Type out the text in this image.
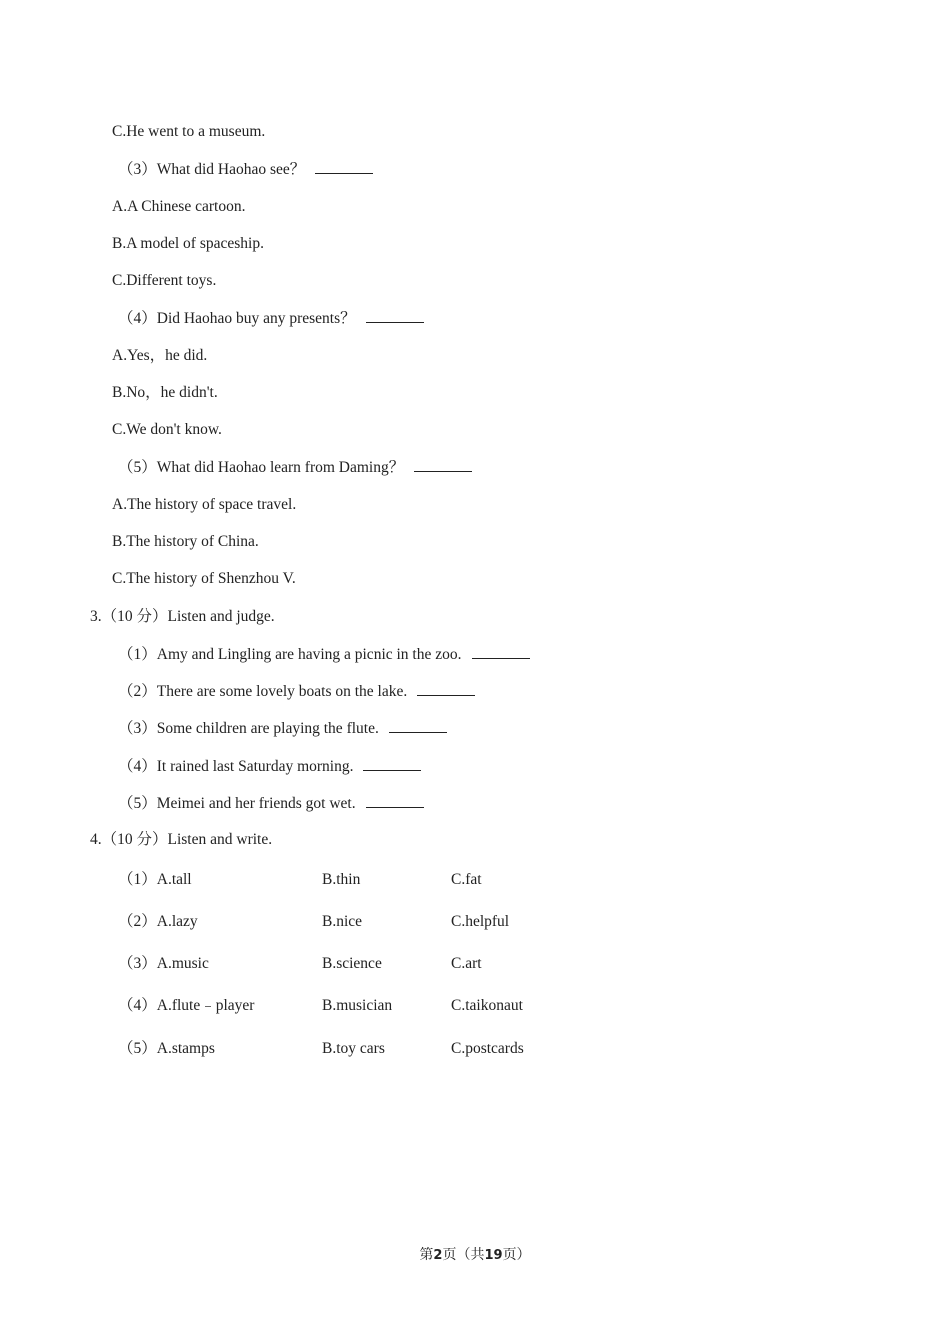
C.He went to a museum.
（3）What did Haohao see？
A.A Chinese cartoon.
B.A model of spaceship.
C.Different toys.
（4）Did Haohao buy any presents？
A.Yes，he did.
B.No，he didn't.
C.We don't know.
（5）What did Haohao learn from Daming？
A.The history of space travel.
B.The history of China.
C.The history of Shenzhou V.
3.（10 分）Listen and judge.
（1）Amy and Lingling are having a picnic in the zoo.
（2）There are some lovely boats on the lake.
（3）Some children are playing the flute.
（4）It rained last Saturday morning.
（5）Meimei and her friends got wet.
4.（10 分）Listen and write.
（1）A.tall	B.thin	C.fat
（2）A.lazy	B.nice	C.helpful
（3）A.music	B.science	C.art
（4）A.flute﹣player	B.musician	C.taikonaut
（5）A.stamps	B.toy cars	C.postcards
第2页（共19页）
